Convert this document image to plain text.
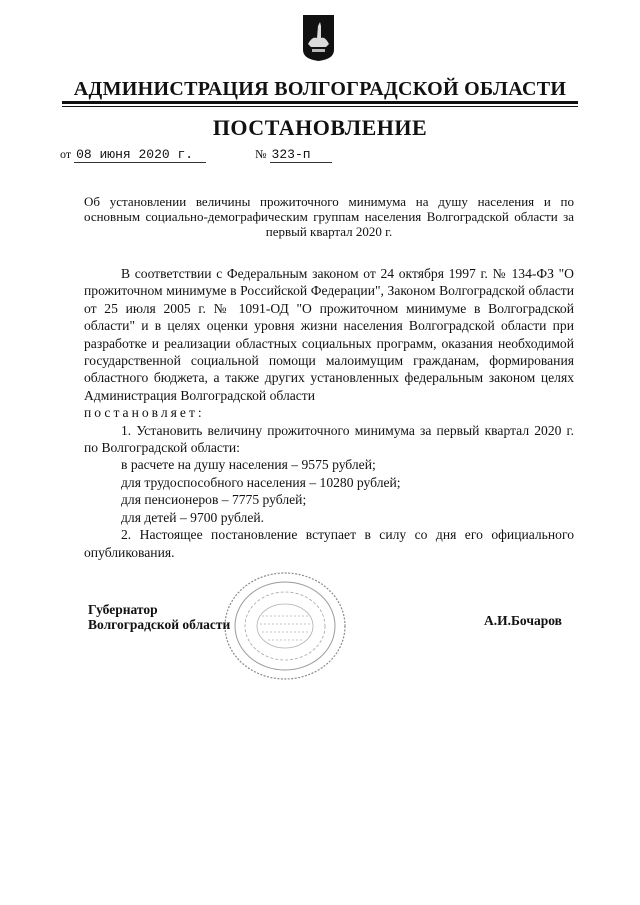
АДМИНИСТРАЦИЯ ВОЛГОГРАДСКОЙ ОБЛАСТИ
ПОСТАНОВЛЕНИЕ
от 08 июня 2020 г.	№ 323-п
Об установлении величины прожиточного минимума на душу населения и по основным социально-демографическим группам населения Волгоградской области за первый квартал 2020 г.

В соответствии с Федеральным законом от 24 октября 1997 г. № 134-ФЗ "О прожиточном минимуме в Российской Федерации", Законом Волгоградской области от 25 июля 2005 г. № 1091-ОД "О прожиточном минимуме в Волгоградской области" и в целях оценки уровня жизни населения Волгоградской области при разработке и реализации областных социальных программ, оказания необходимой государственной социальной помощи малоимущим гражданам, формирования областного бюджета, а также других установленных федеральным законом целях Администрация Волгоградской области

постановляет:

1. Установить величину прожиточного минимума за первый квартал 2020 г. по Волгоградской области:

в расчете на душу населения – 9575 рублей;
для трудоспособного населения – 10280 рублей;
для пенсионеров – 7775 рублей;
для детей – 9700 рублей.

2. Настоящее постановление вступает в силу со дня его официального опубликования.

Губернатор
Волгоградской области	А.И.Бочаров
